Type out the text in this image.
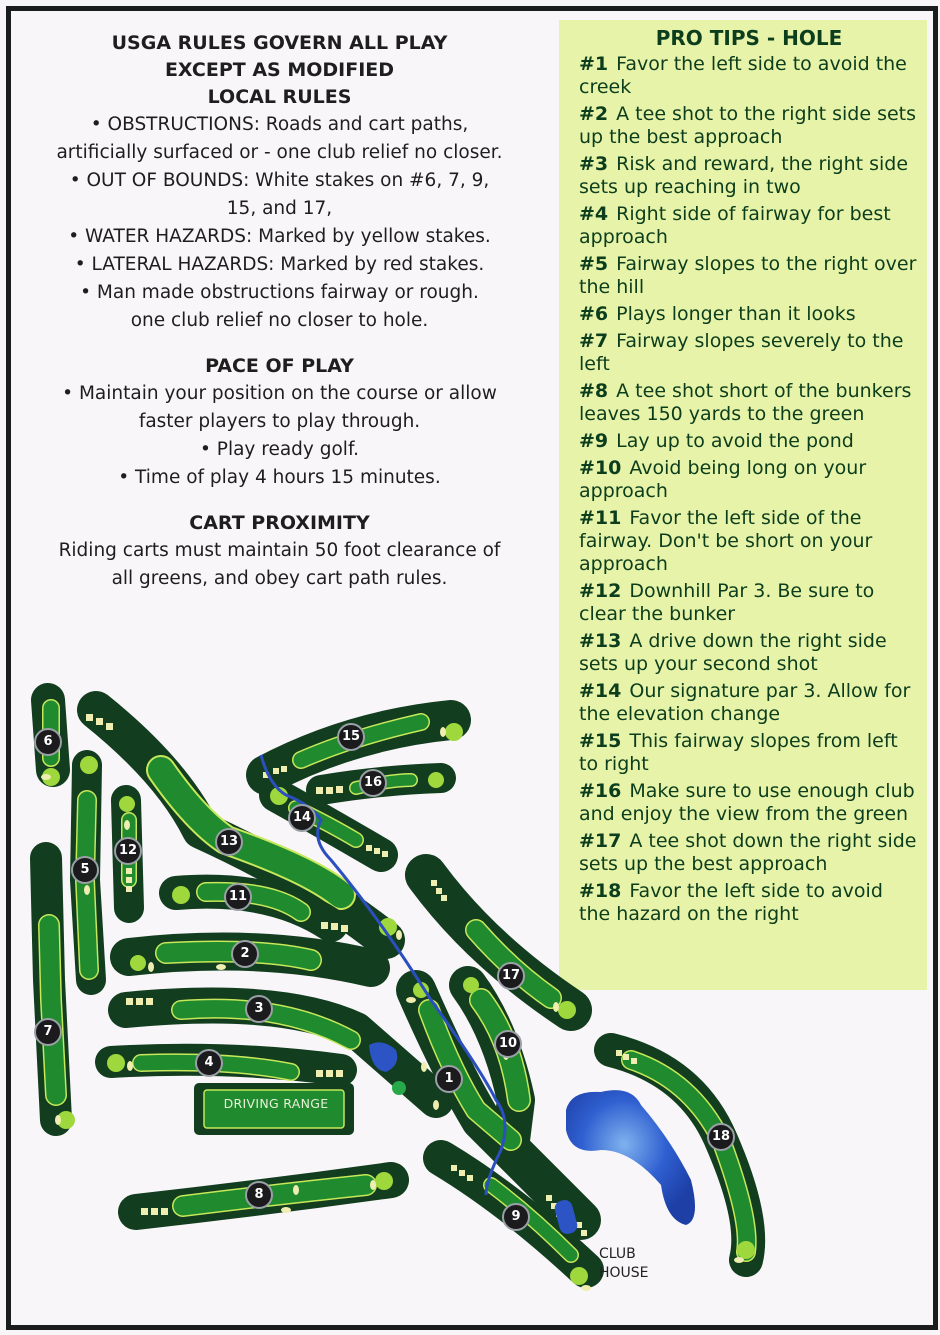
USGA RULES GOVERN ALL PLAY
EXCEPT AS MODIFIED
LOCAL RULES

• OBSTRUCTIONS: Roads and cart paths,

artificially surfaced or - one club relief no closer.

• OUT OF BOUNDS: White stakes on #6, 7, 9,

15, and 17,

• WATER HAZARDS: Marked by yellow stakes.

• LATERAL HAZARDS: Marked by red stakes.

• Man made obstructions fairway or rough.

one club relief no closer to hole.

PACE OF PLAY

• Maintain your position on the course or allow

faster players to play through.

• Play ready golf.

• Time of play 4 hours 15 minutes.

CART PROXIMITY

Riding carts must maintain 50 foot clearance of

all greens, and obey cart path rules.

PRO TIPS - HOLE
#1 Favor the left side to avoid the creek
#2 A tee shot to the right side sets up the best approach
#3 Risk and reward, the right side sets up reaching in two
#4 Right side of fairway for best approach
#5 Fairway slopes to the right over the hill
#6 Plays longer than it looks
#7 Fairway slopes severely to the left
#8 A tee shot short of the bunkers leaves 150 yards to the green
#9 Lay up to avoid the pond
#10 Avoid being long on your approach
#11 Favor the left side of the fairway. Don't be short on your approach
#12 Downhill Par 3. Be sure to clear the bunker
#13 A drive down the right side sets up your second shot
#14 Our signature par 3. Allow for the elevation change
#15 This fairway slopes from left to right
#16 Make sure to use enough club and enjoy the view from the green
#17 A tee shot down the right side sets up the best approach
#18 Favor the left side to avoid the hazard on the right
1
2
3
4
5
6
7
8
9
10
11
12
13
14
15
16
17
18
DRIVING RANGE
CLUB
HOUSE
